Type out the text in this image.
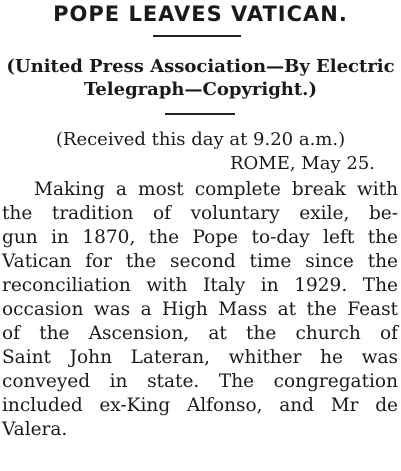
POPE LEAVES VATICAN.
(United Press Association—By Electric
Telegraph—Copyright.)
(Received this day at 9.20 a.m.)
ROME, May 25.
Making a most complete break with
the tradition of voluntary exile, be-
gun in 1870, the Pope to-day left the
Vatican for the second time since the
reconciliation with Italy in 1929. The
occasion was a High Mass at the Feast
of the Ascension, at the church of
Saint John Lateran, whither he was
conveyed in state. The congregation
included ex-King Alfonso, and Mr de
Valera.
